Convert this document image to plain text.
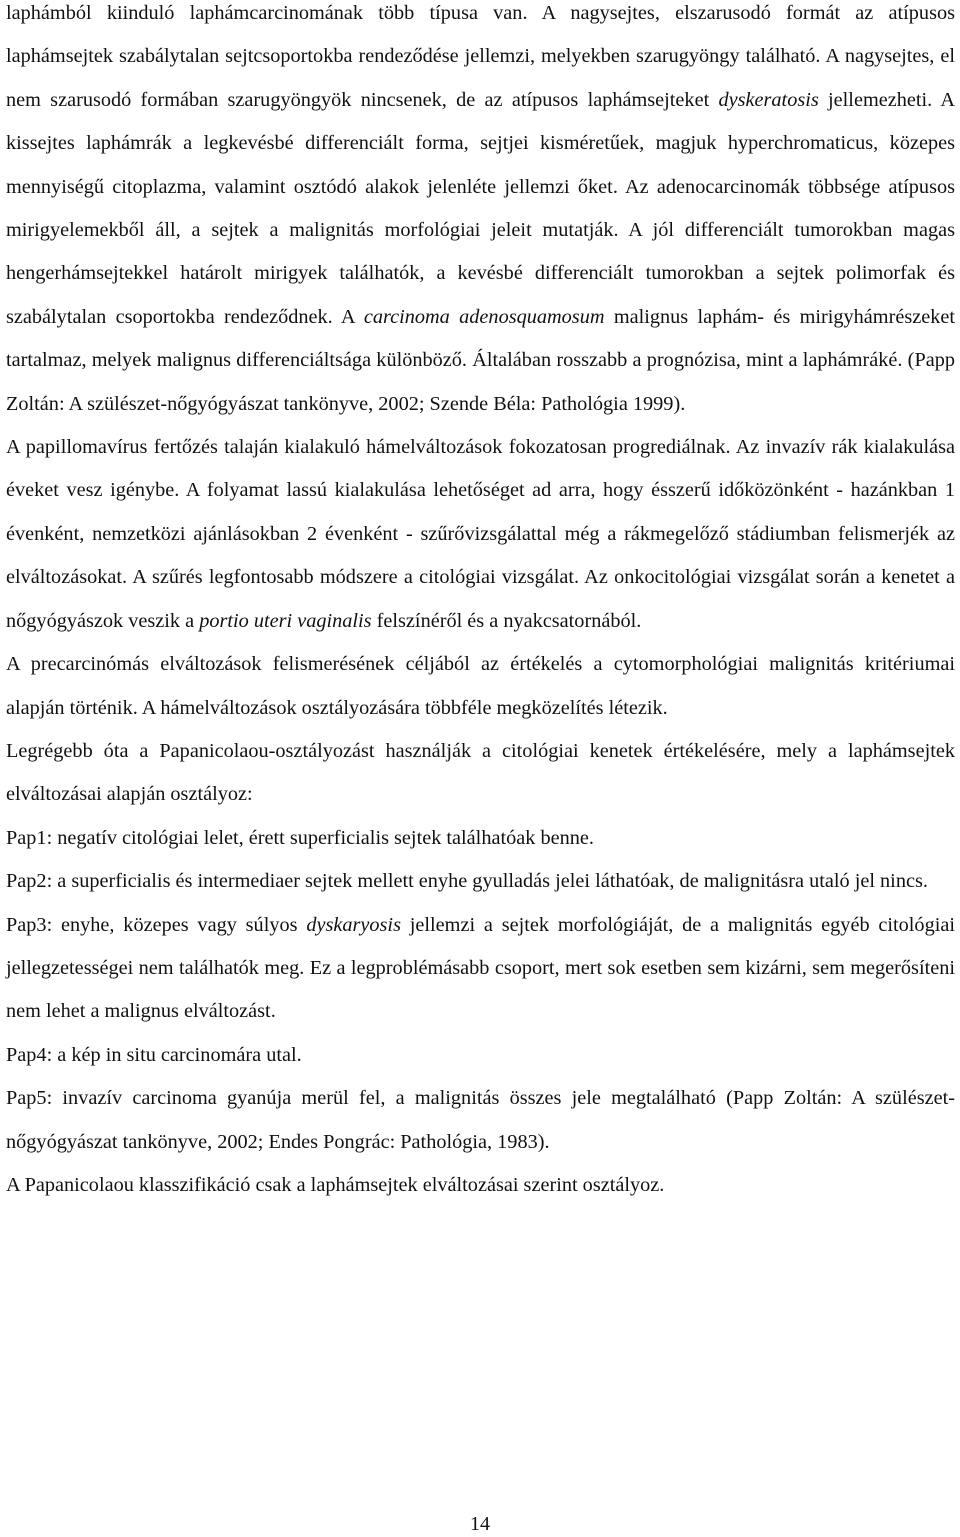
laphámból kiinduló laphámcarcinomának több típusa van. A nagysejtes, elszarusodó formát az atípusos laphámsejtek szabálytalan sejtcsoportokba rendeződése jellemzi, melyekben szarugyöngy található. A nagysejtes, el nem szarusodó formában szarugyöngyök nincsenek, de az atípusos laphámsejteket dyskeratosis jellemezheti. A kissejtes laphámrák a legkevésbé differenciált forma, sejtjei kisméretűek, magjuk hyperchromaticus, közepes mennyiségű citoplazma, valamint osztódó alakok jelenléte jellemzi őket. Az adenocarcinomák többsége atípusos mirigyelemekből áll, a sejtek a malignitás morfológiai jeleit mutatják. A jól differenciált tumorokban magas hengerhámsejtekkel határolt mirigyek találhatók, a kevésbé differenciált tumorokban a sejtek polimorfak és szabálytalan csoportokba rendeződnek. A carcinoma adenosquamosum malignus laphám- és mirigyhámrészeket tartalmaz, melyek malignus differenciáltsága különböző. Általában rosszabb a prognózisa, mint a laphámráké. (Papp Zoltán: A szülészet-nőgyógyászat tankönyve, 2002; Szende Béla: Pathológia 1999).

A papillomavírus fertőzés talaján kialakuló hámelváltozások fokozatosan progrediálnak. Az invazív rák kialakulása éveket vesz igénybe. A folyamat lassú kialakulása lehetőséget ad arra, hogy ésszerű időközönként - hazánkban 1 évenként, nemzetközi ajánlásokban 2 évenként - szűrővizsgálattal még a rákmegelőző stádiumban felismerjék az elváltozásokat. A szűrés legfontosabb módszere a citológiai vizsgálat. Az onkocitológiai vizsgálat során a kenetet a nőgyógyászok veszik a portio uteri vaginalis felszínéről és a nyakcsatornából.

A precarcinómás elváltozások felismerésének céljából az értékelés a cytomorphológiai malignitás kritériumai alapján történik. A hámelváltozások osztályozására többféle megközelítés létezik.

Legrégebb óta a Papanicolaou-osztályozást használják a citológiai kenetek értékelésére, mely a laphámsejtek elváltozásai alapján osztályoz:

Pap1: negatív citológiai lelet, érett superficialis sejtek találhatóak benne.

Pap2: a superficialis és intermediaer sejtek mellett enyhe gyulladás jelei láthatóak, de malignitásra utaló jel nincs.

Pap3: enyhe, közepes vagy súlyos dyskaryosis jellemzi a sejtek morfológiáját, de a malignitás egyéb citológiai jellegzetességei nem találhatók meg. Ez a legproblémásabb csoport, mert sok esetben sem kizárni, sem megerősíteni nem lehet a malignus elváltozást.

Pap4: a kép in situ carcinomára utal.

Pap5: invazív carcinoma gyanúja merül fel, a malignitás összes jele megtalálható (Papp Zoltán: A szülészet-nőgyógyászat tankönyve, 2002; Endes Pongrác: Pathológia, 1983).

A Papanicolaou klasszifikáció csak a laphámsejtek elváltozásai szerint osztályoz.

14
